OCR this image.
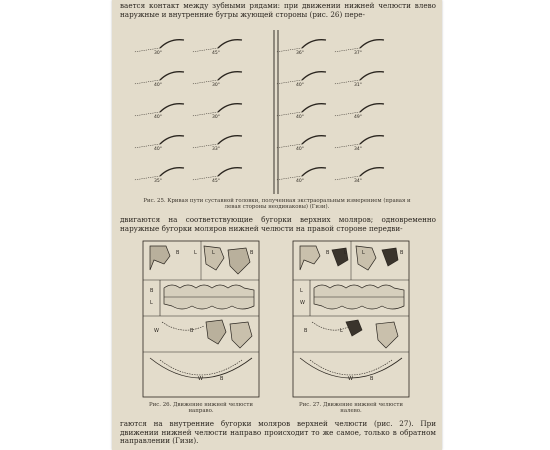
вается контакт между зубными рядами: при движении нижней челюсти влево наружные и внутренние бугры жующей стороны (рис. 26) пере-

30°	45°	36°	37°
40°	30°	40°	31°
40°	30°	40°	49°
40°	33°	40°	34°
35°	45°	40°	34°
Рис. 25. Кривая пути суставной головки, полученная экстраоральным измерением (правая и левая стороны неодинаковы) (Гизи).

двигаются на соответствующие бугорки верхних моляров; одновременно наружные бугорки моляров нижней челюсти на правой стороне передви-

B	L	L	B
B
L
W	B
W	B
Рис. 26. Движение нижней челюсти направо.
B	L	L	B
L
W
B	L
W	B
Рис. 27. Движение нижней челюсти налево.

гаются на внутренние бугорки моляров верхней челюсти (рис. 27). При движении нижней челюсти направо происходит то же самое, только в обратном направлении (Гизи).
